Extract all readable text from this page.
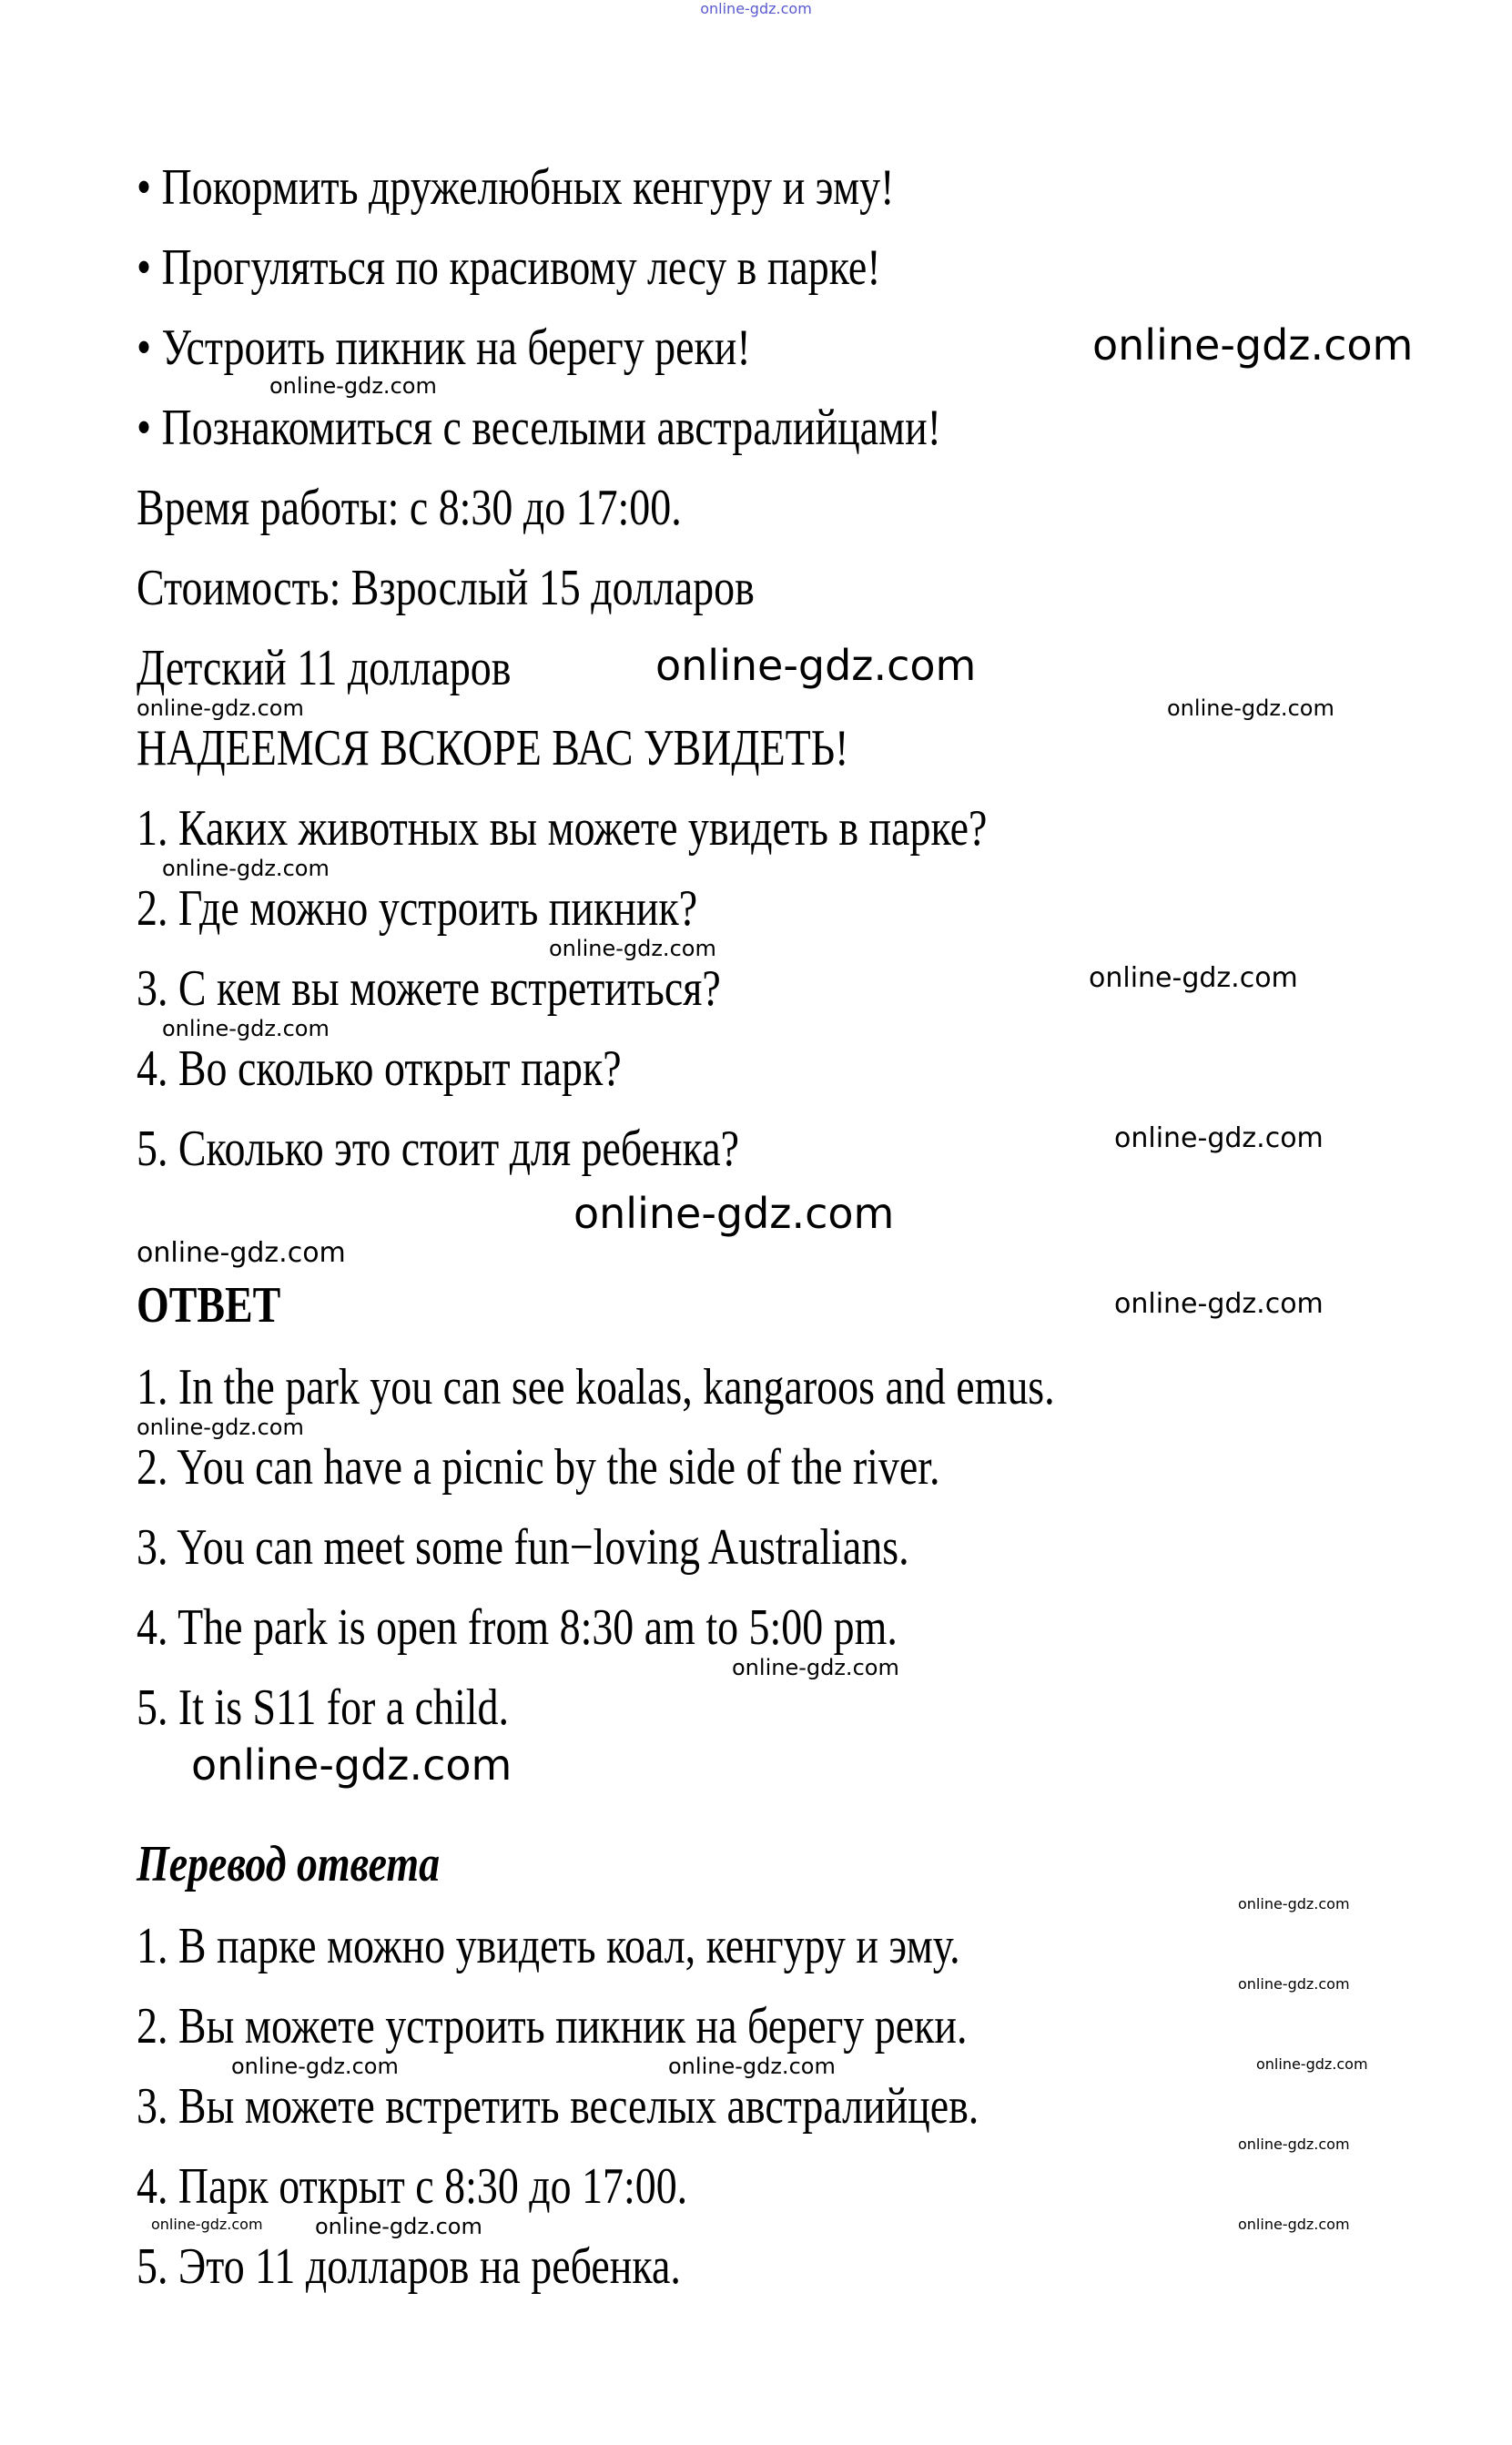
online-gdz.com
• Покормить дружелюбных кенгуру и эму!
• Прогуляться по красивому лесу в парке!
• Устроить пикник на берегу реки!
• Познакомиться с веселыми австралийцами!
Время работы: с 8:30 до 17:00.
Стоимость: Взрослый 15 долларов
Детский 11 долларов
НАДЕЕМСЯ ВСКОРЕ ВАС УВИДЕТЬ!
1. Каких животных вы можете увидеть в парке?
2. Где можно устроить пикник?
3. С кем вы можете встретиться?
4. Во сколько открыт парк?
5. Сколько это стоит для ребенка?
ОТВЕТ
1. In the park you can see koalas, kangaroos and emus.
2. You can have a picnic by the side of the river.
3. You can meet some fun−loving Australians.
4. The park is open from 8:30 am to 5:00 pm.
5. It is S11 for a child.
Перевод ответа
1. В парке можно увидеть коал, кенгуру и эму.
2. Вы можете устроить пикник на берегу реки.
3. Вы можете встретить веселых австралийцев.
4. Парк открыт с 8:30 до 17:00.
5. Это 11 долларов на ребенка.
online-gdz.com
online-gdz.com
online-gdz.com
online-gdz.com	online-gdz.com
online-gdz.com
online-gdz.com
online-gdz.com
online-gdz.com
online-gdz.com
online-gdz.com
online-gdz.com
online-gdz.com
online-gdz.com
online-gdz.com
online-gdz.com
online-gdz.com
online-gdz.com
online-gdz.com	online-gdz.com	online-gdz.com
online-gdz.com
online-gdz.com online-gdz.com	online-gdz.com
